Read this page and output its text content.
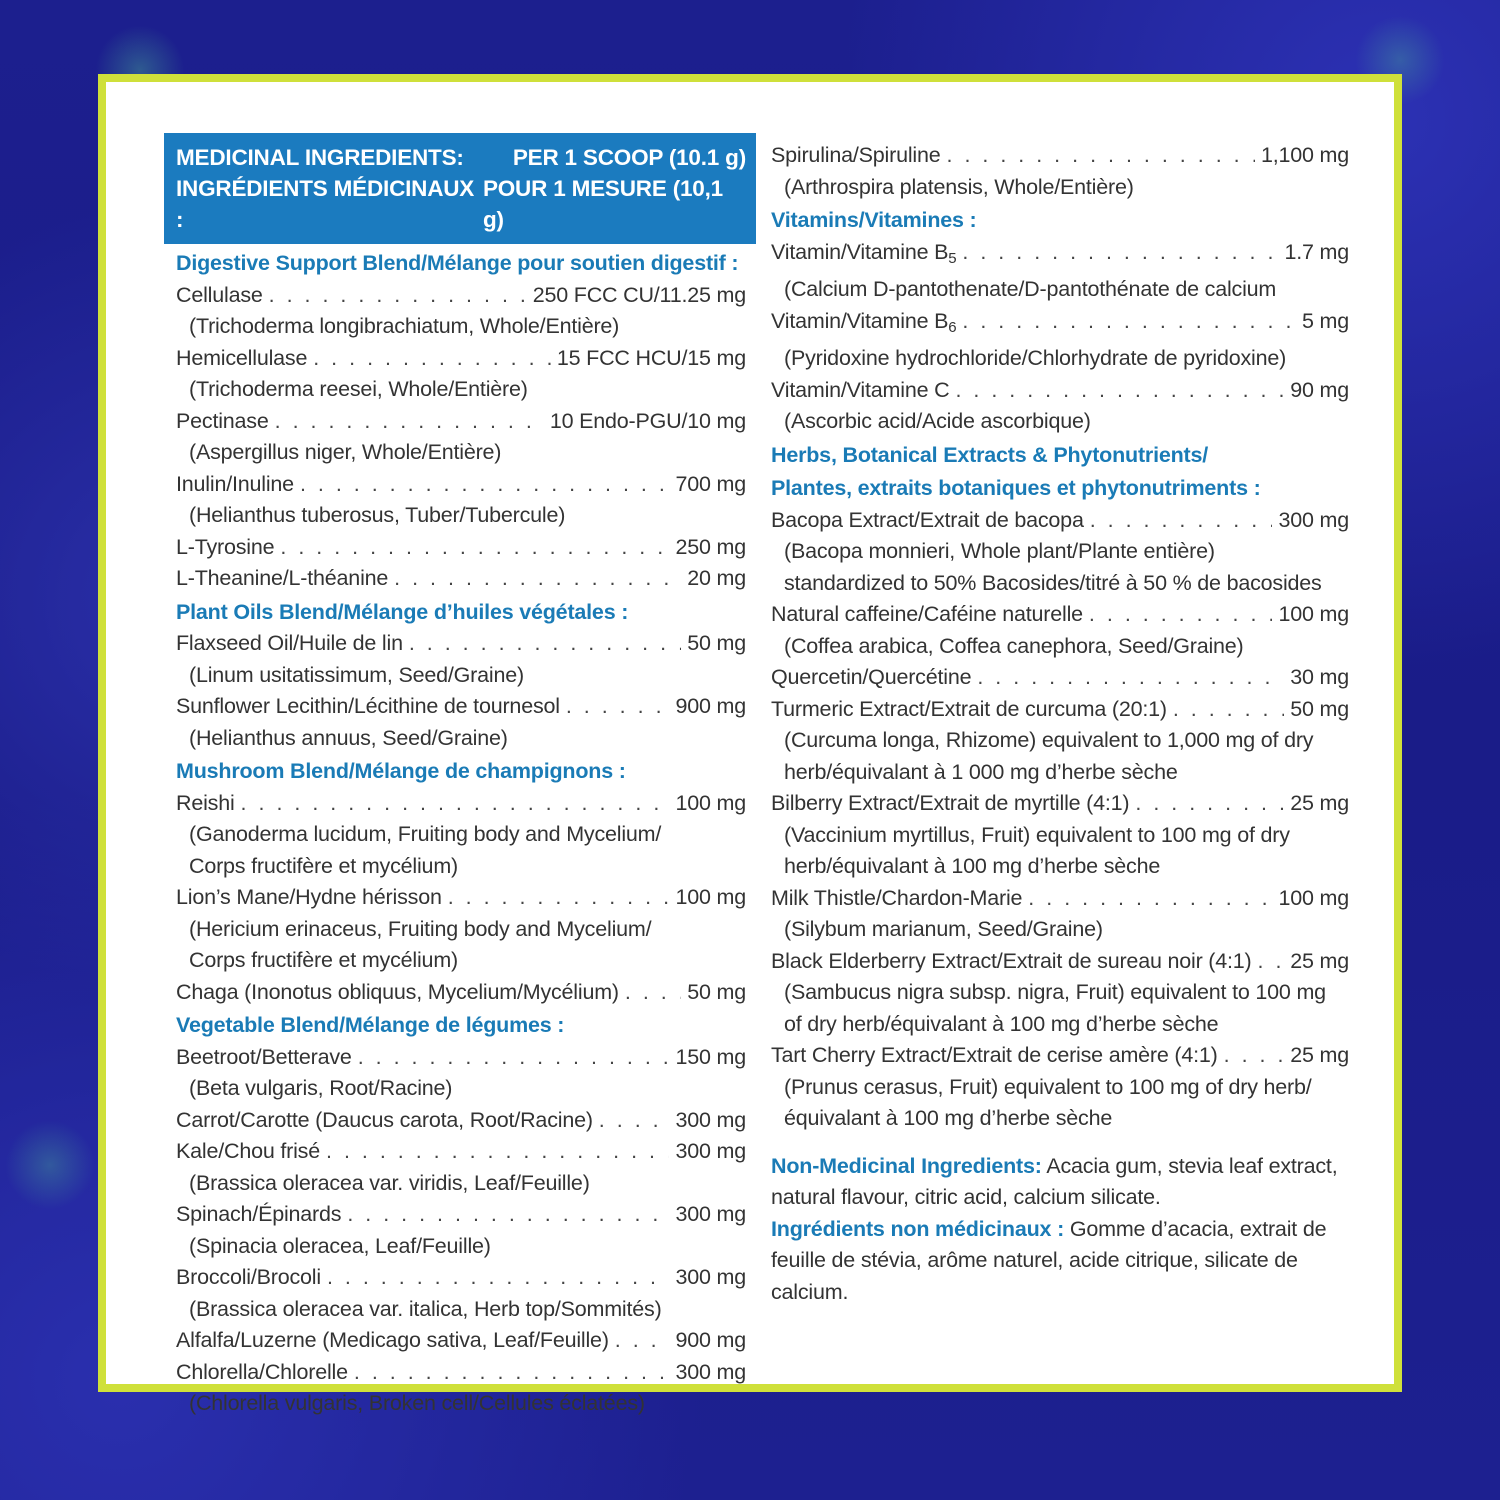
MEDICINAL INGREDIENTS: PER 1 SCOOP (10.1 g)
INGRÉDIENTS MÉDICINAUX :
POUR 1 MESURE (10,1 g)
Digestive Support Blend/Mélange pour soutien digestif :
Cellulase . . .	250 FCC CU/11.25 mg
(Trichoderma longibrachiatum, Whole/Entière)
Hemicellulase . . .	15 FCC HCU/15 mg
(Trichoderma reesei, Whole/Entière)
Pectinase . . .	10 Endo-PGU/10 mg
(Aspergillus niger, Whole/Entière)
Inulin/Inuline . . .	700 mg
(Helianthus tuberosus, Tuber/Tubercule)
L-Tyrosine . . .	250 mg
L-Theanine/L-théanine . . .	20 mg
Plant Oils Blend/Mélange d’huiles végétales :
Flaxseed Oil/Huile de lin . . .	50 mg
(Linum usitatissimum, Seed/Graine)
Sunflower Lecithin/Lécithine de tournesol . . .	900 mg
(Helianthus annuus, Seed/Graine)
Mushroom Blend/Mélange de champignons :
Reishi . . .	100 mg
(Ganoderma lucidum, Fruiting body and Mycelium/
Corps fructifère et mycélium)
Lion’s Mane/Hydne hérisson . . .	100 mg
(Hericium erinaceus, Fruiting body and Mycelium/
Corps fructifère et mycélium)
Chaga (Inonotus obliquus, Mycelium/Mycélium) . . .	50 mg
Vegetable Blend/Mélange de légumes :
Beetroot/Betterave . . .	150 mg
(Beta vulgaris, Root/Racine)
Carrot/Carotte (Daucus carota, Root/Racine) . . .	300 mg
Kale/Chou frisé . . .	300 mg
(Brassica oleracea var. viridis, Leaf/Feuille)
Spinach/Épinards . . .	300 mg
(Spinacia oleracea, Leaf/Feuille)
Broccoli/Brocoli . . .	300 mg
(Brassica oleracea var. italica, Herb top/Sommités)
Alfalfa/Luzerne (Medicago sativa, Leaf/Feuille) . . .	900 mg
Chlorella/Chlorelle . . .	300 mg
(Chlorella vulgaris, Broken cell/Cellules éclatées)
Spirulina/Spiruline . . .	1,100 mg
(Arthrospira platensis, Whole/Entière)
Vitamins/Vitamines :
Vitamin/Vitamine $B_5$ . . .	1.7 mg
(Calcium D-pantothenate/D-pantothénate de calcium
Vitamin/Vitamine $B_6$ . . .	5 mg
(Pyridoxine hydrochloride/Chlorhydrate de pyridoxine)
Vitamin/Vitamine C . . .	90 mg
(Ascorbic acid/Acide ascorbique)
Herbs, Botanical Extracts & Phytonutrients/
Plantes, extraits botaniques et phytonutriments :
Bacopa Extract/Extrait de bacopa . . .	300 mg
(Bacopa monnieri, Whole plant/Plante entière)
standardized to 50% Bacosides/titré à 50 % de bacosides
Natural caffeine/Caféine naturelle . . .	100 mg
(Coffea arabica, Coffea canephora, Seed/Graine)
Quercetin/Quercétine . . .	30 mg
Turmeric Extract/Extrait de curcuma (20:1) . . .	50 mg
(Curcuma longa, Rhizome) equivalent to 1,000 mg of dry
herb/équivalant à 1 000 mg d’herbe sèche
Bilberry Extract/Extrait de myrtille (4:1) . . .	25 mg
(Vaccinium myrtillus, Fruit) equivalent to 100 mg of dry
herb/équivalant à 100 mg d’herbe sèche
Milk Thistle/Chardon-Marie . . .	100 mg
(Silybum marianum, Seed/Graine)
Black Elderberry Extract/Extrait de sureau noir (4:1) . . . 25 mg
(Sambucus nigra subsp. nigra, Fruit) equivalent to 100 mg
of dry herb/équivalant à 100 mg d’herbe sèche
Tart Cherry Extract/Extrait de cerise amère (4:1) . . .	25 mg
(Prunus cerasus, Fruit) equivalent to 100 mg of dry herb/
équivalant à 100 mg d’herbe sèche
Non-Medicinal Ingredients: Acacia gum, stevia leaf extract, natural flavour, citric acid, calcium silicate.
Ingrédients non médicinaux : Gomme d’acacia, extrait de feuille de stévia, arôme naturel, acide citrique, silicate de calcium.
